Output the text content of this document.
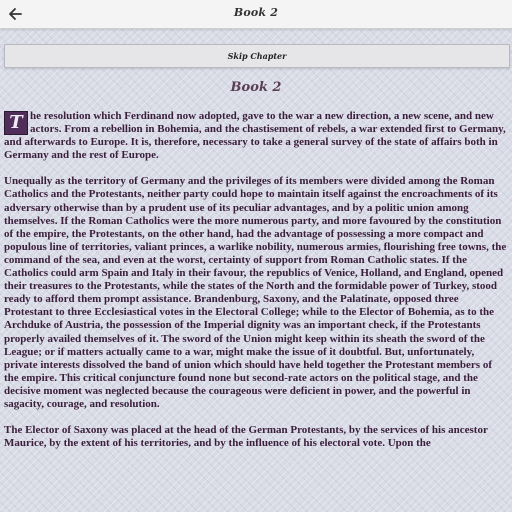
Book 2
Skip Chapter
Book 2

T he resolution which Ferdinand now adopted, gave to the war a new direction, a new scene, and new actors. From a rebellion in Bohemia, and the chastisement of rebels, a war extended first to Germany, and afterwards to Europe. It is, therefore, necessary to take a general survey of the state of affairs both in Germany and the rest of Europe.

Unequally as the territory of Germany and the privileges of its members were divided among the Roman Catholics and the Protestants, neither party could hope to maintain itself against the encroachments of its adversary otherwise than by a prudent use of its peculiar advantages, and by a politic union among themselves. If the Roman Catholics were the more numerous party, and more favoured by the constitution of the empire, the Protestants, on the other hand, had the advantage of possessing a more compact and populous line of territories, valiant princes, a warlike nobility, numerous armies, flourishing free towns, the command of the sea, and even at the worst, certainty of support from Roman Catholic states. If the Catholics could arm Spain and Italy in their favour, the republics of Venice, Holland, and England, opened their treasures to the Protestants, while the states of the North and the formidable power of Turkey, stood ready to afford them prompt assistance. Brandenburg, Saxony, and the Palatinate, opposed three Protestant to three Ecclesiastical votes in the Electoral College; while to the Elector of Bohemia, as to the Archduke of Austria, the possession of the Imperial dignity was an important check, if the Protestants properly availed themselves of it. The sword of the Union might keep within its sheath the sword of the League; or if matters actually came to a war, might make the issue of it doubtful. But, unfortunately, private interests dissolved the band of union which should have held together the Protestant members of the empire. This critical conjuncture found none but second-rate actors on the political stage, and the decisive moment was neglected because the courageous were deficient in power, and the powerful in sagacity, courage, and resolution.

The Elector of Saxony was placed at the head of the German Protestants, by the services of his ancestor Maurice, by the extent of his territories, and by the influence of his electoral vote. Upon the
